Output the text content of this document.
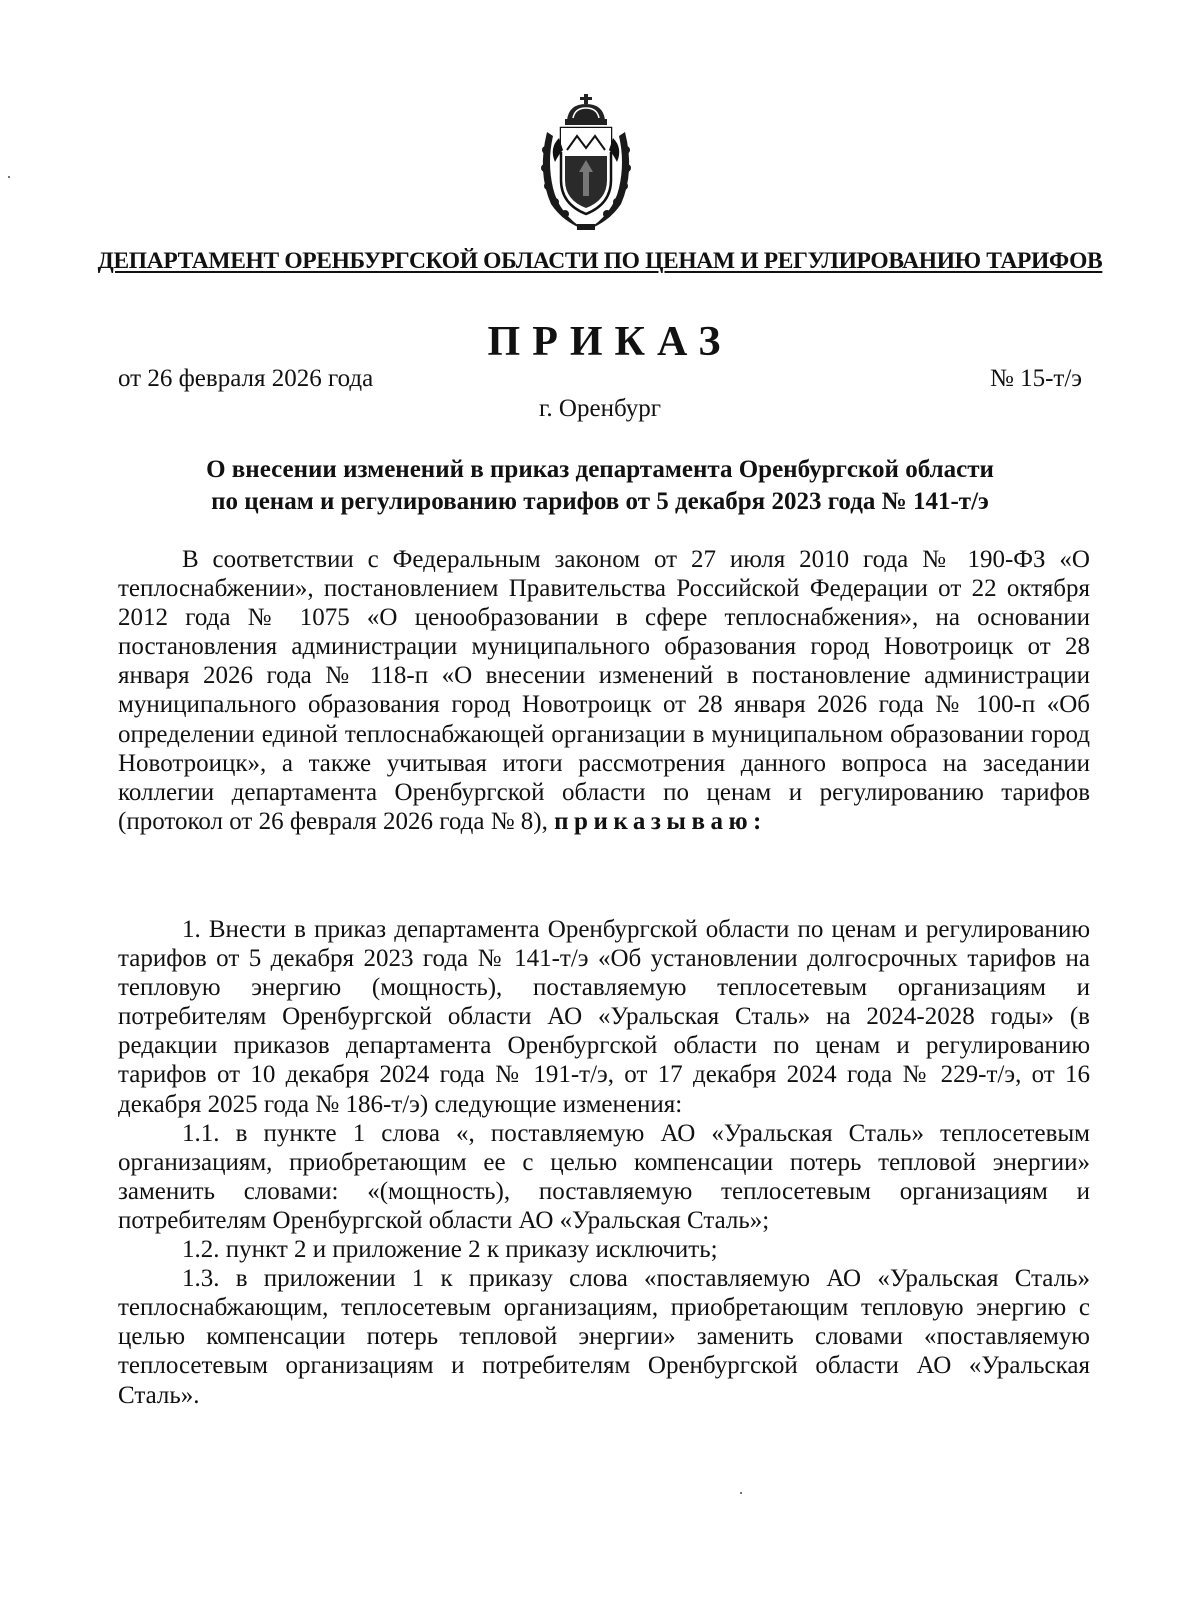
ДЕПАРТАМЕНТ ОРЕНБУРГСКОЙ ОБЛАСТИ ПО ЦЕНАМ И РЕГУЛИРОВАНИЮ ТАРИФОВ
ПРИКАЗ
от 26 февраля 2026 года	№ 15-т/э
г. Оренбург
О внесении изменений в приказ департамента Оренбургской области
по ценам и регулированию тарифов от 5 декабря 2023 года № 141-т/э
В соответствии с Федеральным законом от 27 июля 2010 года № 190-ФЗ «О теплоснабжении», постановлением Правительства Российской Федерации от 22 октября 2012 года № 1075 «О ценообразовании в сфере теплоснабжения», на основании постановления администрации муниципального образования город Новотроицк от 28 января 2026 года № 118-п «О внесении изменений в постановление администрации муниципального образования город Новотроицк от 28 января 2026 года № 100-п «Об определении единой теплоснабжающей организации в муниципальном образовании город Новотроицк», а также учитывая итоги рассмотрения данного вопроса на заседании коллегии департамента Оренбургской области по ценам и регулированию тарифов (протокол от 26 февраля 2026 года № 8), приказываю:
1. Внести в приказ департамента Оренбургской области по ценам и регулированию тарифов от 5 декабря 2023 года № 141-т/э «Об установлении долгосрочных тарифов на тепловую энергию (мощность), поставляемую теплосетевым организациям и потребителям Оренбургской области АО «Уральская Сталь» на 2024-2028 годы» (в редакции приказов департамента Оренбургской области по ценам и регулированию тарифов от 10 декабря 2024 года № 191-т/э, от 17 декабря 2024 года № 229-т/э, от 16 декабря 2025 года № 186-т/э) следующие изменения:
1.1. в пункте 1 слова «, поставляемую АО «Уральская Сталь» теплосетевым организациям, приобретающим ее с целью компенсации потерь тепловой энергии» заменить словами: «(мощность), поставляемую теплосетевым организациям и потребителям Оренбургской области АО «Уральская Сталь»;
1.2. пункт 2 и приложение 2 к приказу исключить;
1.3. в приложении 1 к приказу слова «поставляемую АО «Уральская Сталь» теплоснабжающим, теплосетевым организациям, приобретающим тепловую энергию с целью компенсации потерь тепловой энергии» заменить словами «поставляемую теплосетевым организациям и потребителям Оренбургской области АО «Уральская Сталь».
